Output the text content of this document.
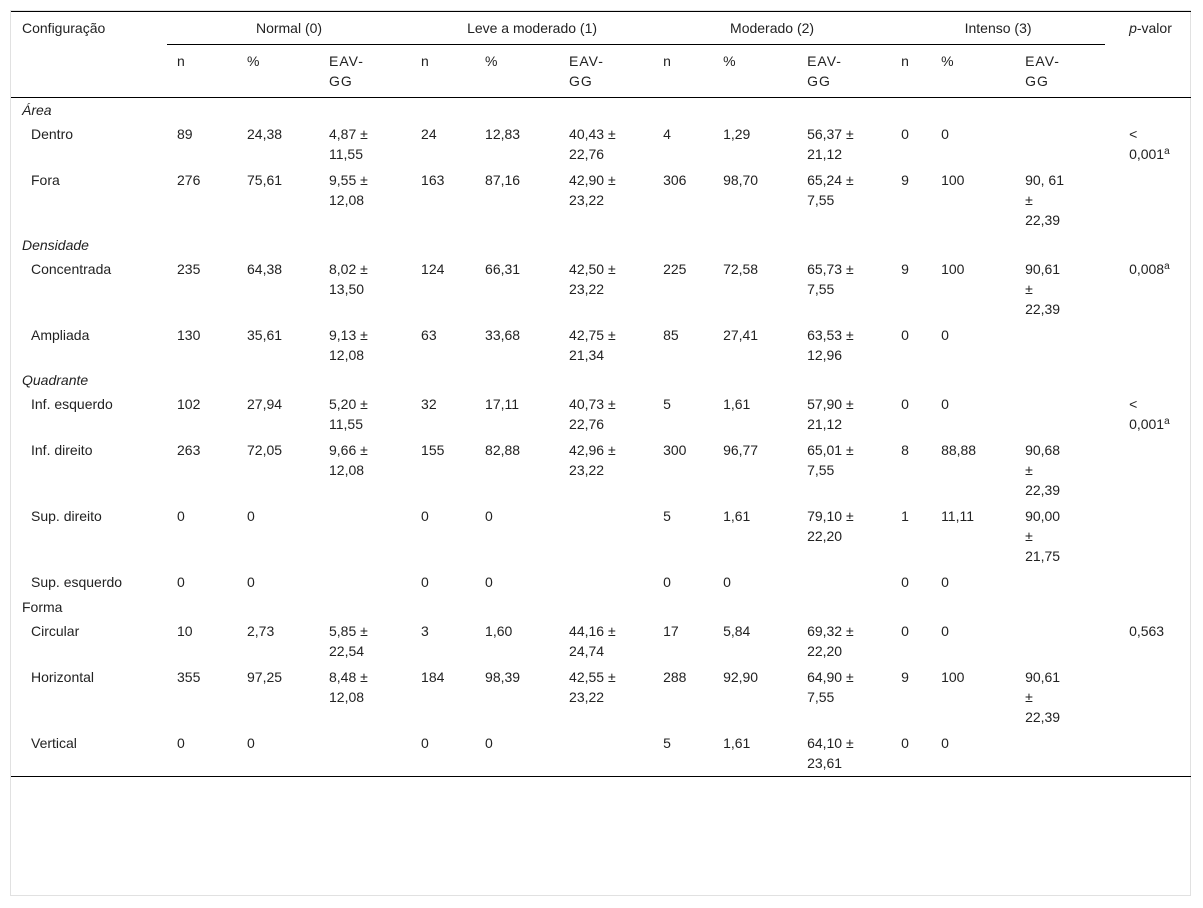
Configuração	Normal (0)			Leve a moderado (1)			Moderado (2)			Intenso (3)			p-valor
	n	%	EAV-GG	n	%	EAV-GG	n	%	EAV-GG	n	%	EAV-GG	
Área													
Dentro	89	24,38	4,87 ± 11,55	24	12,83	40,43 ± 22,76	4	1,29	56,37 ± 21,12	0	0		< 0,001$^a$
Fora	276	75,61	9,55 ± 12,08	163	87,16	42,90 ± 23,22	306	98,70	65,24 ± 7,55	9	100	90, 61 ± 22,39	
Densidade													
Concentrada	235	64,38	8,02 ± 13,50	124	66,31	42,50 ± 23,22	225	72,58	65,73 ± 7,55	9	100	90,61 ± 22,39	0,008$^a$
Ampliada	130	35,61	9,13 ± 12,08	63	33,68	42,75 ± 21,34	85	27,41	63,53 ± 12,96	0	0		
Quadrante													
Inf. esquerdo	102	27,94	5,20 ± 11,55	32	17,11	40,73 ± 22,76	5	1,61	57,90 ± 21,12	0	0		< 0,001$^a$
Inf. direito	263	72,05	9,66 ± 12,08	155	82,88	42,96 ± 23,22	300	96,77	65,01 ± 7,55	8	88,88	90,68 ± 22,39	
Sup. direito	0	0		0	0		5	1,61	79,10 ± 22,20	1	11,11	90,00 ± 21,75	
Sup. esquerdo	0	0		0	0		0	0		0	0		
Forma													
Circular	10	2,73	5,85 ± 22,54	3	1,60	44,16 ± 24,74	17	5,84	69,32 ± 22,20	0	0		0,563
Horizontal	355	97,25	8,48 ± 12,08	184	98,39	42,55 ± 23,22	288	92,90	64,90 ± 7,55	9	100	90,61 ± 22,39	
Vertical	0	0		0	0		5	1,61	64,10 ± 23,61	0	0		
